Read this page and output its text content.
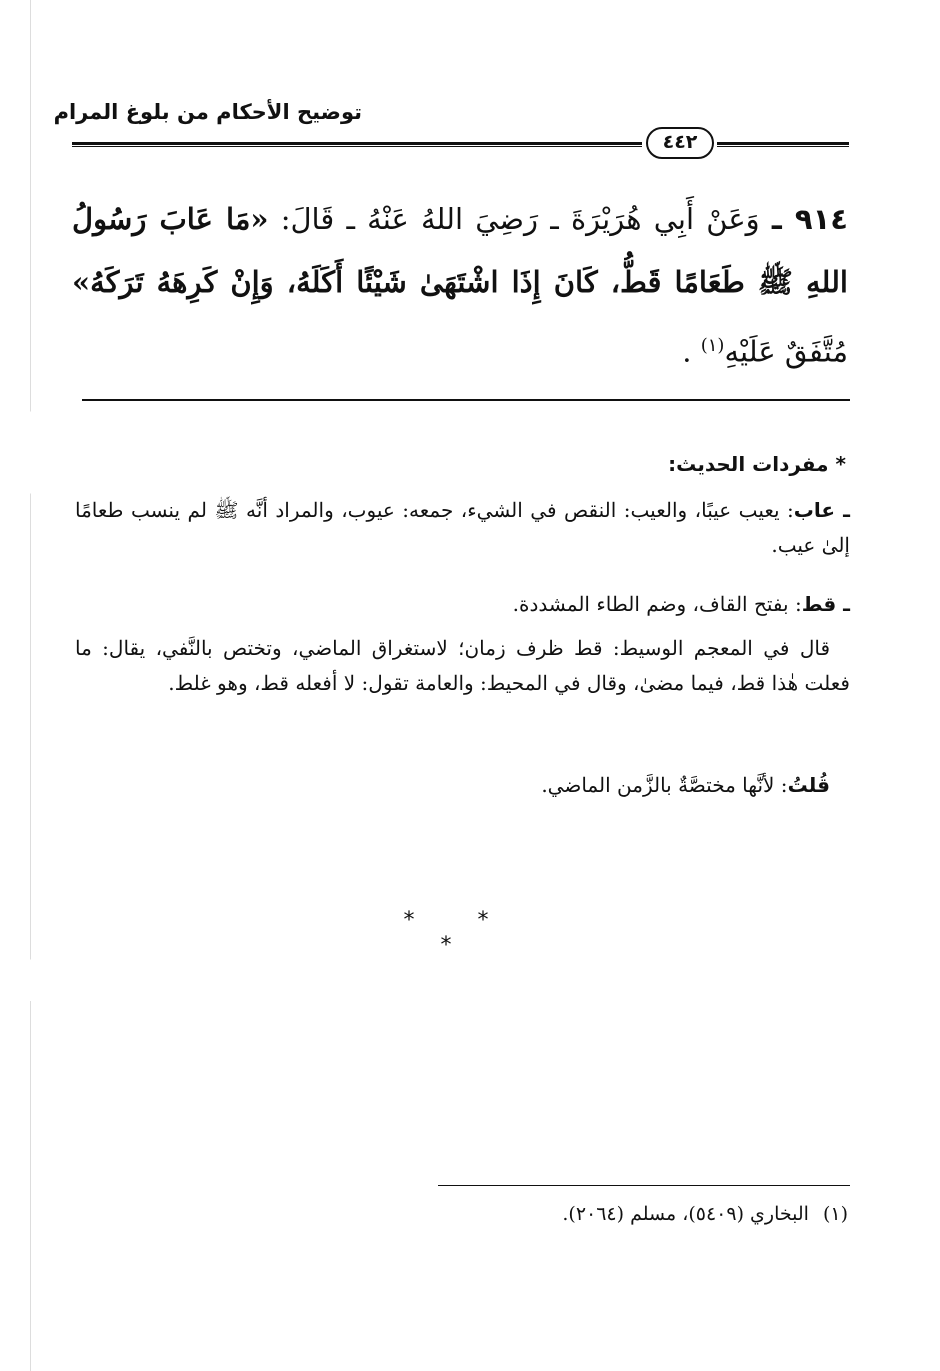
توضيح الأحكام من بلوغ المرام
٤٤٢

٩١٤ ـ وَعَنْ أَبِي هُرَيْرَةَ ـ رَضِيَ اللهُ عَنْهُ ـ قَالَ: «مَا عَابَ رَسُولُ اللهِ ﷺ طَعَامًا قَطُّ، كَانَ إِذَا اشْتَهَىٰ شَيْئًا أَكَلَهُ، وَإِنْ كَرِهَهُ تَرَكَهُ» مُتَّفَقٌ عَلَيْهِ$^{(١)}$ .

* مفردات الحديث:

ـ عاب: يعيب عيبًا، والعيب: النقص في الشيء، جمعه: عيوب، والمراد أنَّه ﷺ لم ينسب طعامًا إلىٰ عيب.

ـ قط: بفتح القاف، وضم الطاء المشددة.

قال في المعجم الوسيط: قط ظرف زمان؛ لاستغراق الماضي، وتختص بالنَّفي، يقال: ما فعلت هٰذا قط، فيما مضىٰ، وقال في المحيط: والعامة تقول: لا أفعله قط، وهو غلط.

قُلتُ: لأنَّها مختصَّةٌ بالزَّمن الماضي.

* * *
(١)البخاري (٥٤٠٩)، مسلم (٢٠٦٤).
